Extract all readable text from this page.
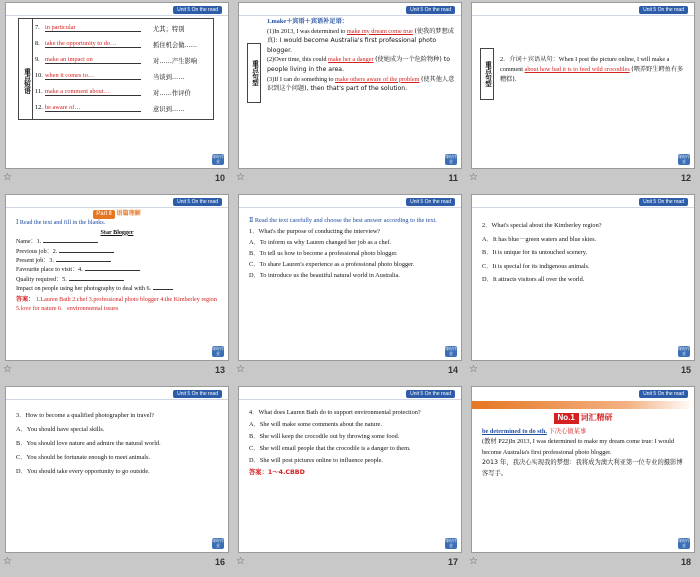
Unit 5 On the road
重点短语
7. in particular	尤其；特别
8. take the opportunity to do…	抓住机会做……
9. make an impact on	对……产生影响
10. when it comes to…	当谈到……
11. make a comment about…	对……作评价
12. be aware of…	意识到……
课时作业
☆	10
Unit 5 On the road
重点句型
1.make＋宾语＋宾语补足语：
(1)In 2013, I was determined to make my dream come true (使我的梦想成真): I would become Australia's first professional photo blogger.
(2)Over time, this could make her a danger (使她成为一个危险物种) to people living in the area.
(3)If I can do something to make others aware of the problem (使其他人意识到这个问题), then that's part of the solution.
课时作业
☆	11
Unit 5 On the road
重点句型
2．介词＋宾语从句：When I post the picture online, I will make a comment about how bad it is to feed wild crocodiles (喂养野生鳄鱼有多糟糕).
课时作业
☆	12
Unit 5 On the road
Part Ⅱ 语篇理解
Ⅰ Read the text and fill in the blanks.
Star Blogger
Name：1.
Previous job：2.
Present job：3.
Favourite place to visit：4.
Quality required：5.
Impact on people using her photography to deal with 6.
答案： 1.Lauren Bath 2.chef 3.professional photo blogger 4.the Kimberley region 5.love for nature 6．environmental issues
课时作业
☆	13
Unit 5 On the road
Ⅱ Read the text carefully and choose the best answer according to the text.
1．What's the purpose of conducting the interview?
A．To inform us why Lauren changed her job as a chef.
B．To tell us how to become a professional photo blogger.
C．To share Lauren's experience as a professional photo blogger.
D．To introduce us the beautiful natural world in Australia.
课时作业
☆	14
Unit 5 On the road
2．What's special about the Kimberley region?
A．It has blue－green waters and blue skies.
B．It is unique for its untouched scenery.
C．It is special for its indigenous animals.
D．It attracts visitors all over the world.
课时作业
☆	15
Unit 5 On the road
3．How to become a qualified photographer in travel?
A．You should have special skills.
B．You should love nature and admire the natural world.
C．You should be fortunate enough to meet animals.
D．You should take every opportunity to go outside.
课时作业
☆	16
Unit 5 On the road
4．What does Lauren Bath do to support environmental protection?
A．She will make some comments about the nature.
B．She will keep the crocodile out by throwing some food.
C．She will email people that the crocodile is a danger to them.
D．She will post pictures online to influence people.
答案：1～4.CBBD
课时作业
☆	17
Unit 5 On the road
要点透析 · 讲练互动	No.1 词汇精研
be determined to do sth. 下决心做某事
(教材 P22)In 2013, I was determined to make my dream come true: I would become Australia's first professional photo blogger.
2013 年，我决心实现我的梦想：我将成为澳大利亚第一位专业的摄影博客写手。
课时作业
☆	18
